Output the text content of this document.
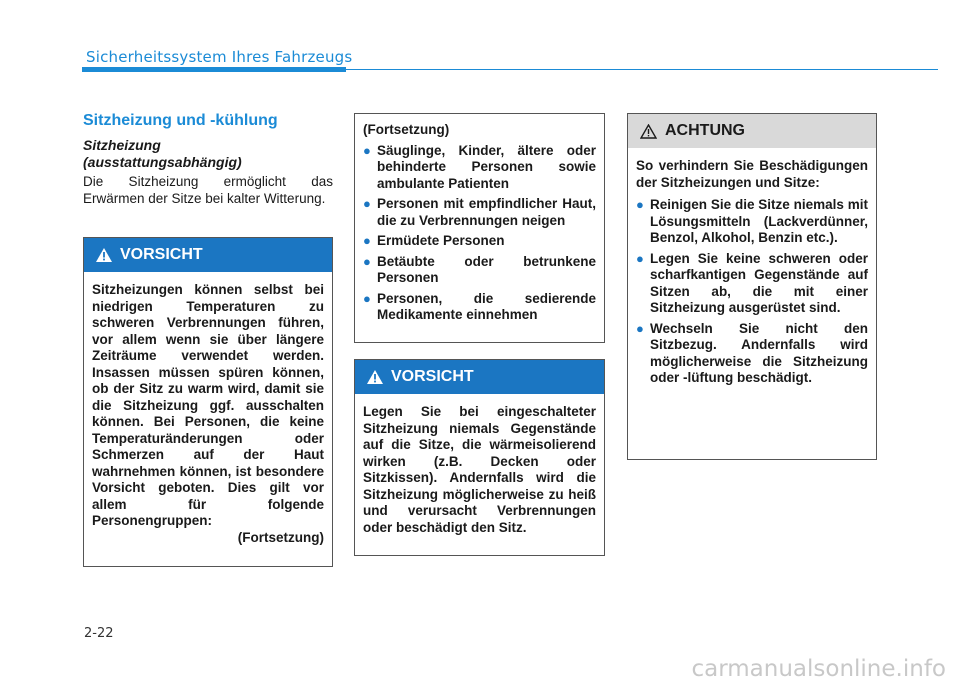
Sicherheitssystem Ihres Fahrzeugs
Sitzheizung und -kühlung
Sitzheizung
(ausstattungsabhängig)
Die Sitzheizung ermöglicht das Erwärmen der Sitze bei kalter Witterung.
VORSICHT

Sitzheizungen können selbst bei niedrigen Temperaturen zu schweren Verbrennungen führen, vor allem wenn sie über längere Zeiträume verwendet werden. Insassen müssen spüren können, ob der Sitz zu warm wird, damit sie die Sitzheizung ggf. ausschalten können. Bei Personen, die keine Temperaturänderungen oder Schmerzen auf der Haut wahrnehmen können, ist besondere Vorsicht geboten. Dies gilt vor allem für folgende Personengruppen:

(Fortsetzung)

(Fortsetzung)

● Säuglinge, Kinder, ältere oder behinderte Personen sowie ambulante Patienten
● Personen mit empfindlicher Haut, die zu Verbrennungen neigen
● Ermüdete Personen
● Betäubte oder betrunkene Personen
● Personen, die sedierende Medikamente einnehmen
VORSICHT

Legen Sie bei eingeschalteter Sitzheizung niemals Gegenstände auf die Sitze, die wärmeisolierend wirken (z.B. Decken oder Sitzkissen). Andernfalls wird die Sitzheizung möglicherweise zu heiß und verursacht Verbrennungen oder beschädigt den Sitz.

ACHTUNG

So verhindern Sie Beschädigungen der Sitzheizungen und Sitze:

● Reinigen Sie die Sitze niemals mit Lösungsmitteln (Lackverdünner, Benzol, Alkohol, Benzin etc.).
● Legen Sie keine schweren oder scharfkantigen Gegenstände auf Sitzen ab, die mit einer Sitzheizung ausgerüstet sind.
● Wechseln Sie nicht den Sitzbezug. Andernfalls wird möglicherweise die Sitzheizung oder -lüftung beschädigt.
2-22
carmanualsonline.info
